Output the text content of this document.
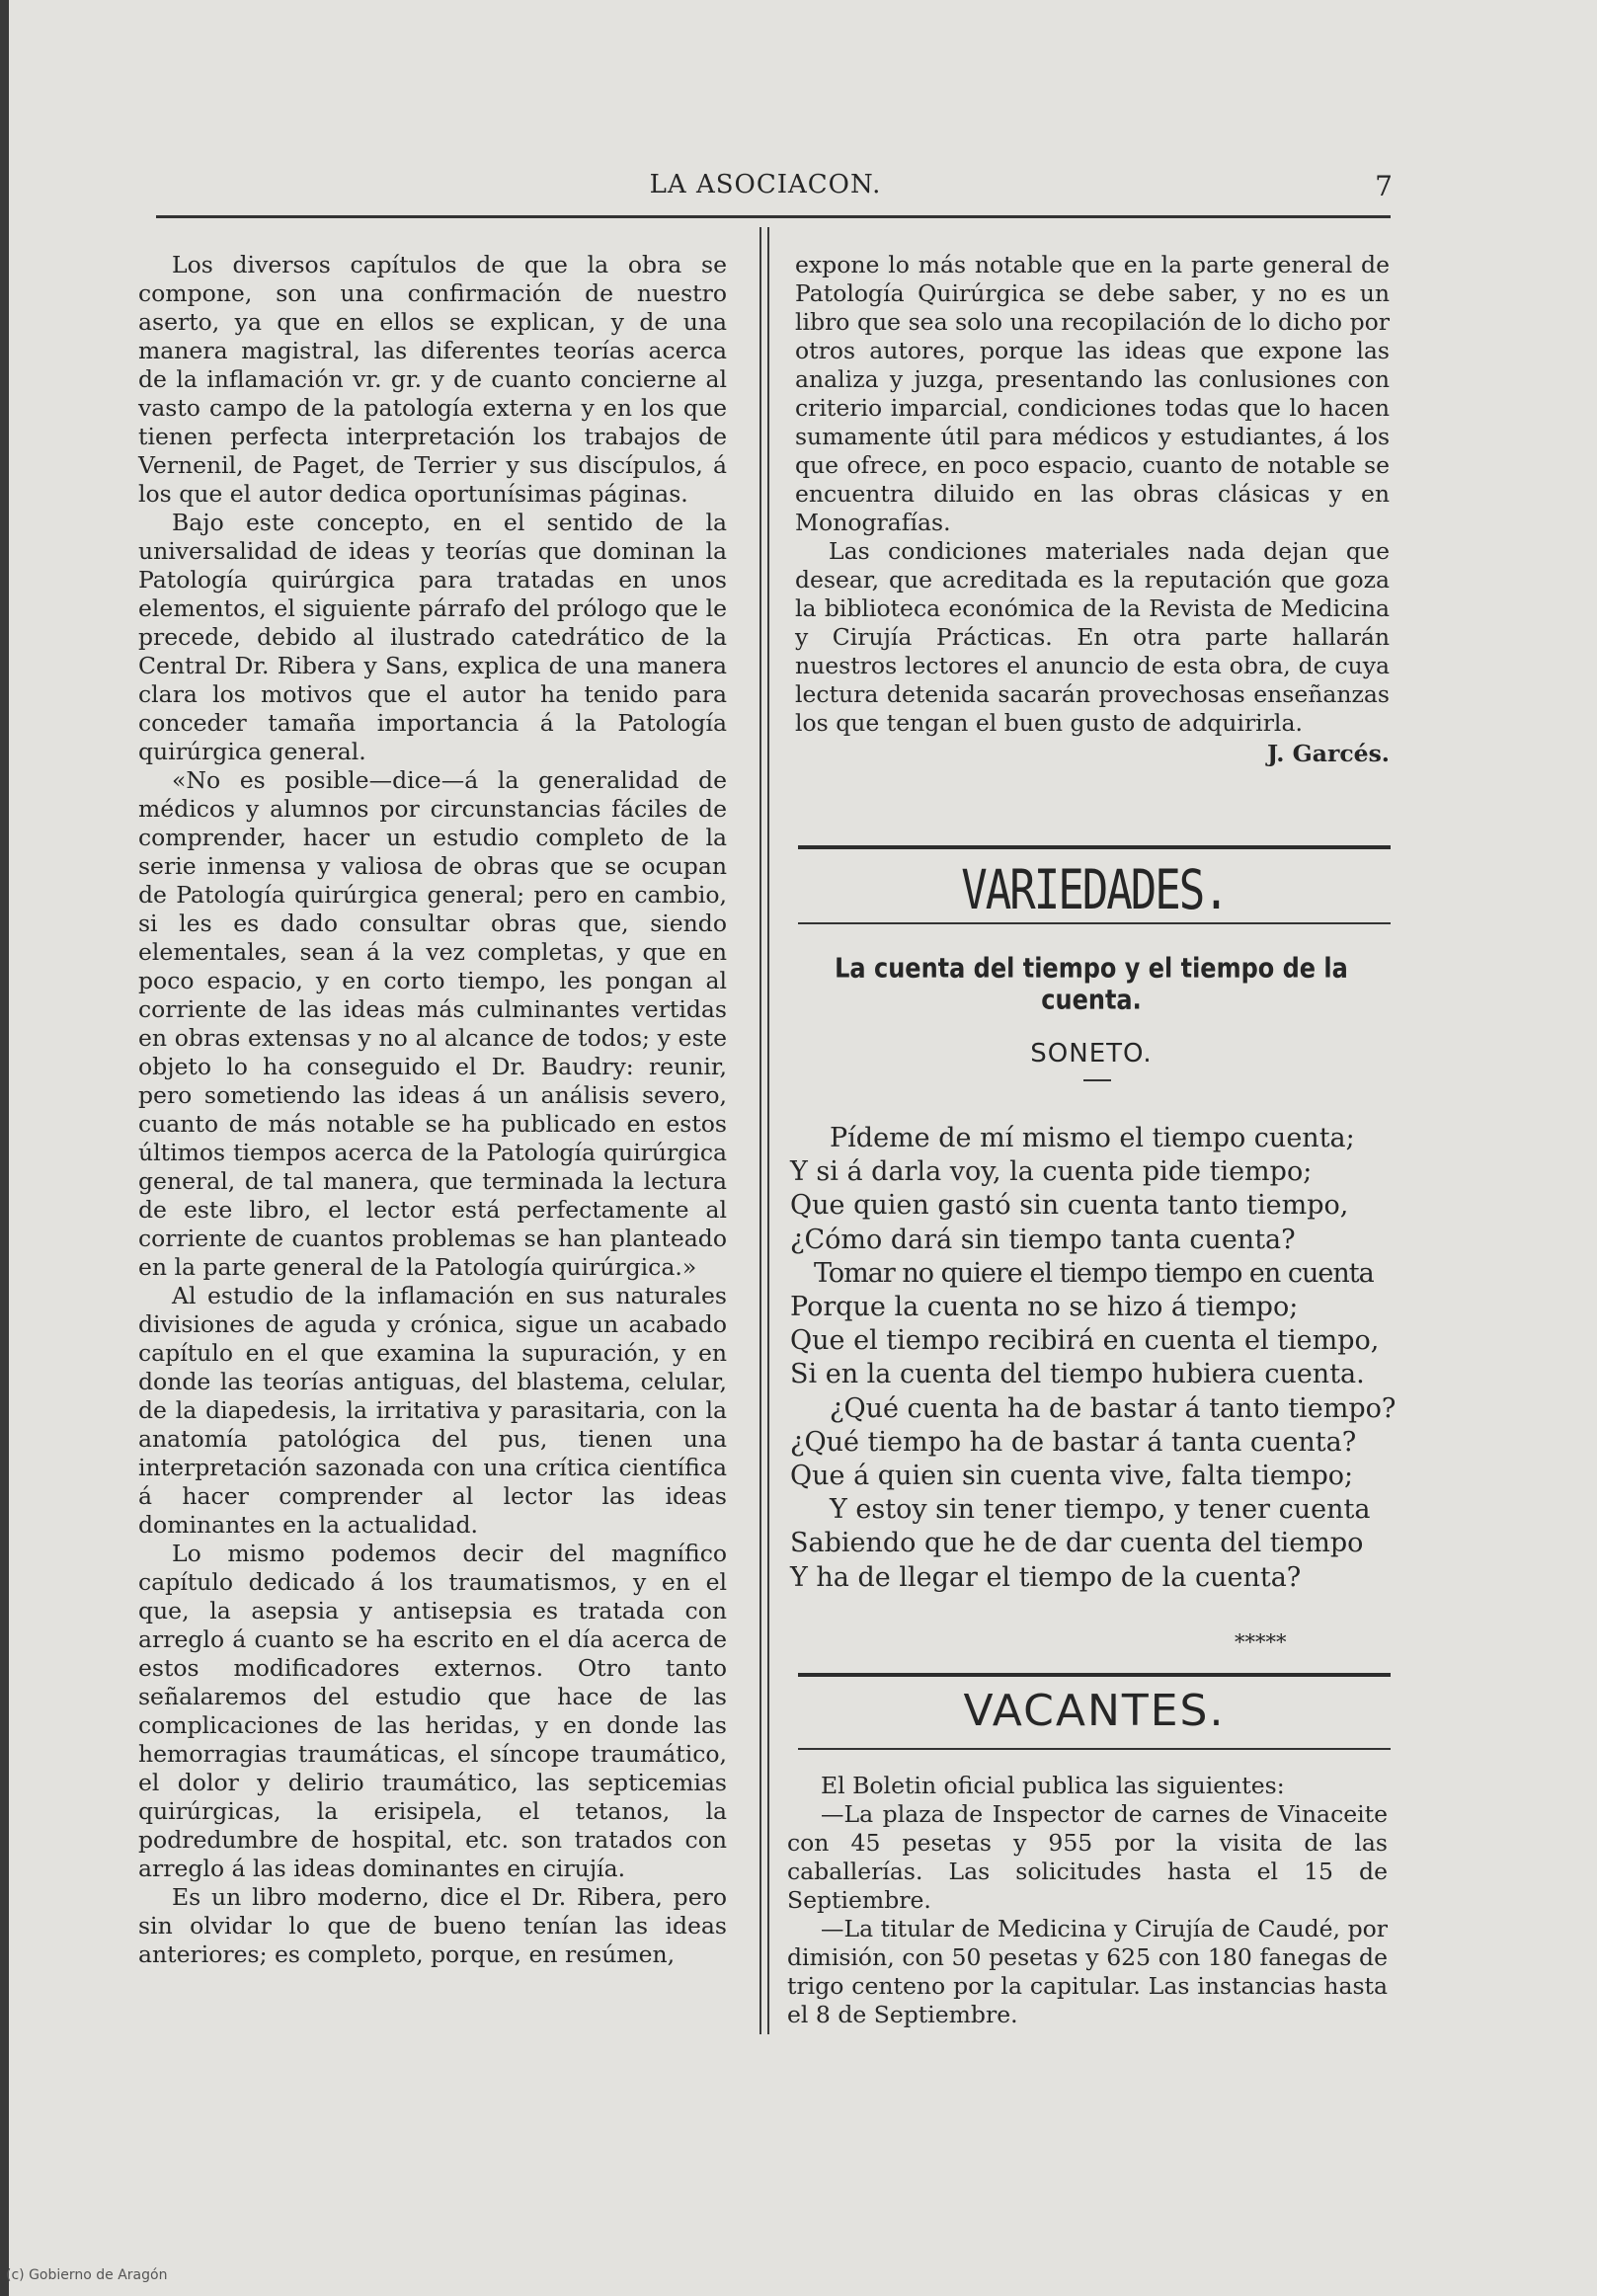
LA ASOCIACON.	7

Los diversos capítulos de que la obra se compone, son una confirmación de nuestro aserto, ya que en ellos se explican, y de una manera magistral, las diferentes teorías acerca de la inflamación vr. gr. y de cuanto concierne al vasto campo de la patología externa y en los que tienen perfecta interpretación los trabajos de Vernenil, de Paget, de Terrier y sus discípulos, á los que el autor dedica oportunísimas páginas.

Bajo este concepto, en el sentido de la universalidad de ideas y teorías que dominan la Patología quirúrgica para tratadas en unos elementos, el siguiente párrafo del prólogo que le precede, debido al ilustrado catedrático de la Central Dr. Ribera y Sans, explica de una manera clara los motivos que el autor ha tenido para conceder tamaña importancia á la Patología quirúrgica general.

«No es posible—dice—á la generalidad de médicos y alumnos por circunstancias fáciles de comprender, hacer un estudio completo de la serie inmensa y valiosa de obras que se ocupan de Patología quirúrgica general; pero en cambio, si les es dado consultar obras que, siendo elementales, sean á la vez completas, y que en poco espacio, y en corto tiempo, les pongan al corriente de las ideas más culminantes vertidas en obras extensas y no al alcance de todos; y este objeto lo ha conseguido el Dr. Baudry: reunir, pero sometiendo las ideas á un análisis severo, cuanto de más notable se ha publicado en estos últimos tiempos acerca de la Patología quirúrgica general, de tal manera, que terminada la lectura de este libro, el lector está perfectamente al corriente de cuantos problemas se han planteado en la parte general de la Patología quirúrgica.»

Al estudio de la inflamación en sus naturales divisiones de aguda y crónica, sigue un acabado capítulo en el que examina la supuración, y en donde las teorías antiguas, del blastema, celular, de la diapedesis, la irritativa y parasitaria, con la anatomía patológica del pus, tienen una interpretación sazonada con una crítica científica á hacer comprender al lector las ideas dominantes en la actualidad.

Lo mismo podemos decir del magnífico capítulo dedicado á los traumatismos, y en el que, la asepsia y antisepsia es tratada con arreglo á cuanto se ha escrito en el día acerca de estos modificadores externos. Otro tanto señalaremos del estudio que hace de las complicaciones de las heridas, y en donde las hemorragias traumáticas, el síncope traumático, el dolor y delirio traumático, las septicemias quirúrgicas, la erisipela, el tetanos, la podredumbre de hospital, etc. son tratados con arreglo á las ideas dominantes en cirujía.

Es un libro moderno, dice el Dr. Ribera, pero sin olvidar lo que de bueno tenían las ideas anteriores; es completo, porque, en resúmen,

expone lo más notable que en la parte general de Patología Quirúrgica se debe saber, y no es un libro que sea solo una recopilación de lo dicho por otros autores, porque las ideas que expone las analiza y juzga, presentando las conlusiones con criterio imparcial, condiciones todas que lo hacen sumamente útil para médicos y estudiantes, á los que ofrece, en poco espacio, cuanto de notable se encuentra diluido en las obras clásicas y en Monografías.

Las condiciones materiales nada dejan que desear, que acreditada es la reputación que goza la biblioteca económica de la Revista de Medicina y Cirujía Prácticas. En otra parte hallarán nuestros lectores el anuncio de esta obra, de cuya lectura detenida sacarán provechosas enseñanzas los que tengan el buen gusto de adquirirla.

J. Garcés.

VARIEDADES.
La cuenta del tiempo y el tiempo de la cuenta.
SONETO.
Pídeme de mí mismo el tiempo cuenta;
Y si á darla voy, la cuenta pide tiempo;
Que quien gastó sin cuenta tanto tiempo,
¿Cómo dará sin tiempo tanta cuenta?
Tomar no quiere el tiempo tiempo en cuenta
Porque la cuenta no se hizo á tiempo;
Que el tiempo recibirá en cuenta el tiempo,
Si en la cuenta del tiempo hubiera cuenta.
¿Qué cuenta ha de bastar á tanto tiempo?
¿Qué tiempo ha de bastar á tanta cuenta?
Que á quien sin cuenta vive, falta tiempo;
Y estoy sin tener tiempo, y tener cuenta
Sabiendo que he de dar cuenta del tiempo
Y ha de llegar el tiempo de la cuenta?
*****
VACANTES.

El Boletin oficial publica las siguientes:

—La plaza de Inspector de carnes de Vinaceite con 45 pesetas y 955 por la visita de las caballerías. Las solicitudes hasta el 15 de Septiembre.

—La titular de Medicina y Cirujía de Caudé, por dimisión, con 50 pesetas y 625 con 180 fanegas de trigo centeno por la capitular. Las instancias hasta el 8 de Septiembre.

(c) Gobierno de Aragón
